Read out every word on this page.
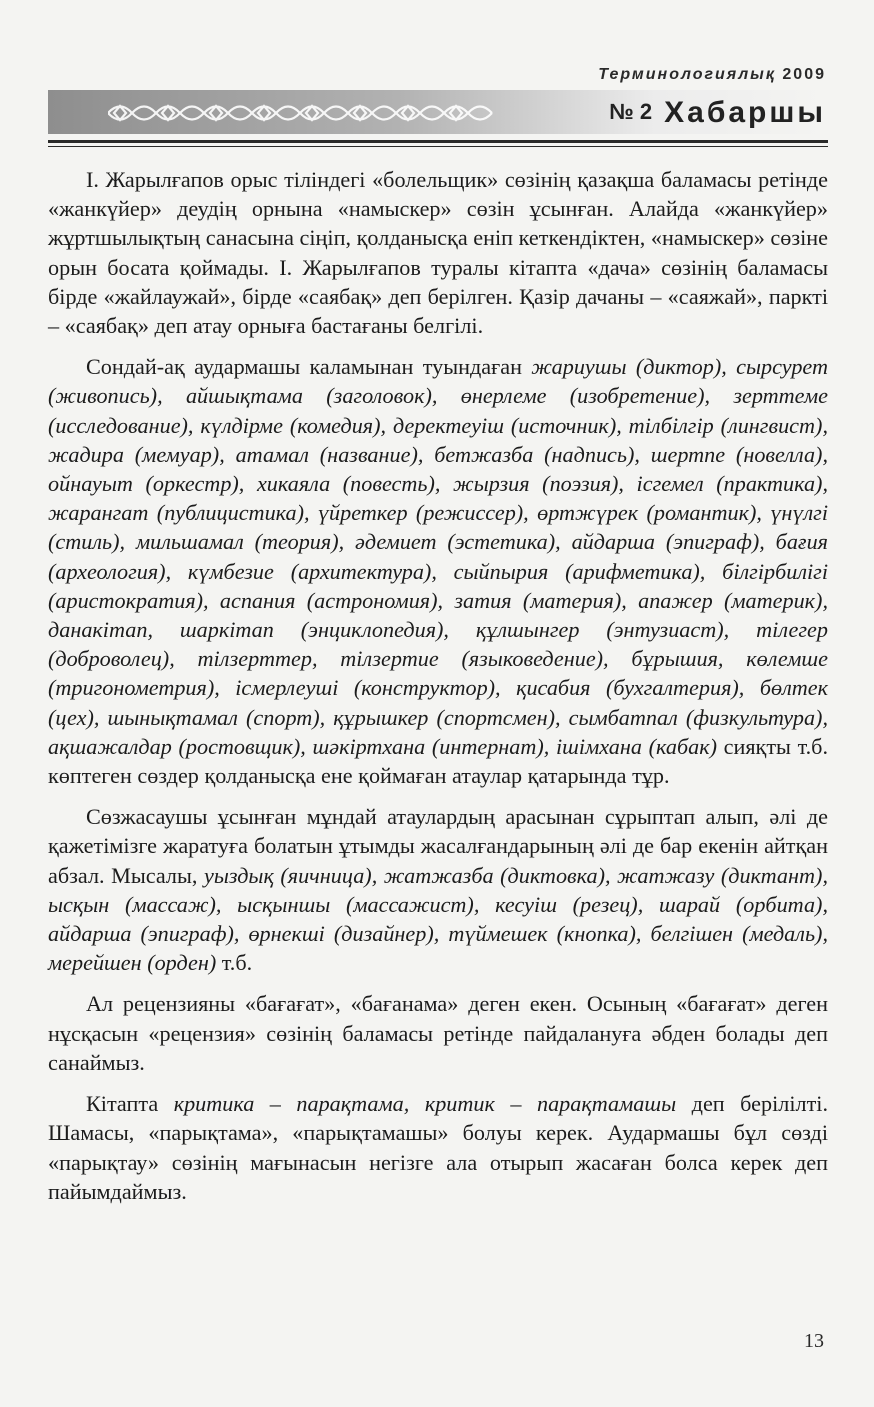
Терминологиялық 2009
№ 2 Хабаршы

І. Жарылғапов орыс тіліндегі «болельщик» сөзінің қазақша баламасы ретінде «жанкүйер» деудің орнына «намыскер» сөзін ұсынған. Алайда «жанкүйер» жұртшылықтың санасына сіңіп, қолданысқа еніп кеткендіктен, «намыскер» сөзіне орын босата қоймады. І. Жарылғапов туралы кітапта «дача» сөзінің баламасы бірде «жайлаужай», бірде «саябақ» деп берілген. Қазір дачаны – «саяжай», паркті – «саябақ» деп атау орныға бастағаны белгілі.

Сондай-ақ аудармашы каламынан туындаған жариушы (диктор), сырсурет (живопись), айшықтама (заголовок), өнерлеме (изобретение), зерттеме (исследование), күлдірме (комедия), деректеуіш (источник), тілбілгір (лингвист), жадира (мемуар), атамал (название), бетжазба (надпись), шертпе (новелла), ойнауыт (оркестр), хикаяла (повесть), жырзия (поэзия), ісгемел (практика), жарангат (публицистика), үйреткер (режиссер), өртжүрек (романтик), үнүлгі (стиль), мильшамал (теория), әдемиет (эстетика), айдарша (эпиграф), бағия (археология), күмбезие (архитектура), сыйпырия (арифметика), білгірбилігі (аристократия), аспания (астрономия), затия (материя), апажер (материк), данакітап, шаркітап (энциклопедия), құлшынгер (энтузиаст), тілегер (доброволец), тілзерттер, тілзертие (языковедение), бұрышия, көлемше (тригонометрия), ісмерлеуші (конструктор), қисабия (бухгалтерия), бөлтек (цех), шынықтамал (спорт), құрышкер (спортсмен), сымбатпал (физкультура), ақшажалдар (ростовщик), шәкіртхана (интернат), ішімхана (кабак) сияқты т.б. көптеген сөздер қолданысқа ене қоймаған атаулар қатарында тұр.

Сөзжасаушы ұсынған мұндай атаулардың арасынан сұрыптап алып, әлі де қажетімізге жаратуға болатын ұтымды жасалғандарының әлі де бар екенін айтқан абзал. Мысалы, уыздық (яичница), жатжазба (диктовка), жатжазу (диктант), ысқын (массаж), ысқыншы (массажист), кесуіш (резец), шарай (орбита), айдарша (эпиграф), өрнекші (дизайнер), түймешек (кнопка), белгішен (медаль), мерейшен (орден) т.б.

Ал рецензияны «бағағат», «бағанама» деген екен. Осының «бағағат» деген нұсқасын «рецензия» сөзінің баламасы ретінде пайдалануға әбден болады деп санаймыз.

Кітапта критика – парақтама, критик – парақтамашы деп берілілті. Шамасы, «парықтама», «парықтамашы» болуы керек. Аудармашы бұл сөзді «парықтау» сөзінің мағынасын негізге ала отырып жасаған болса керек деп пайымдаймыз.

13
